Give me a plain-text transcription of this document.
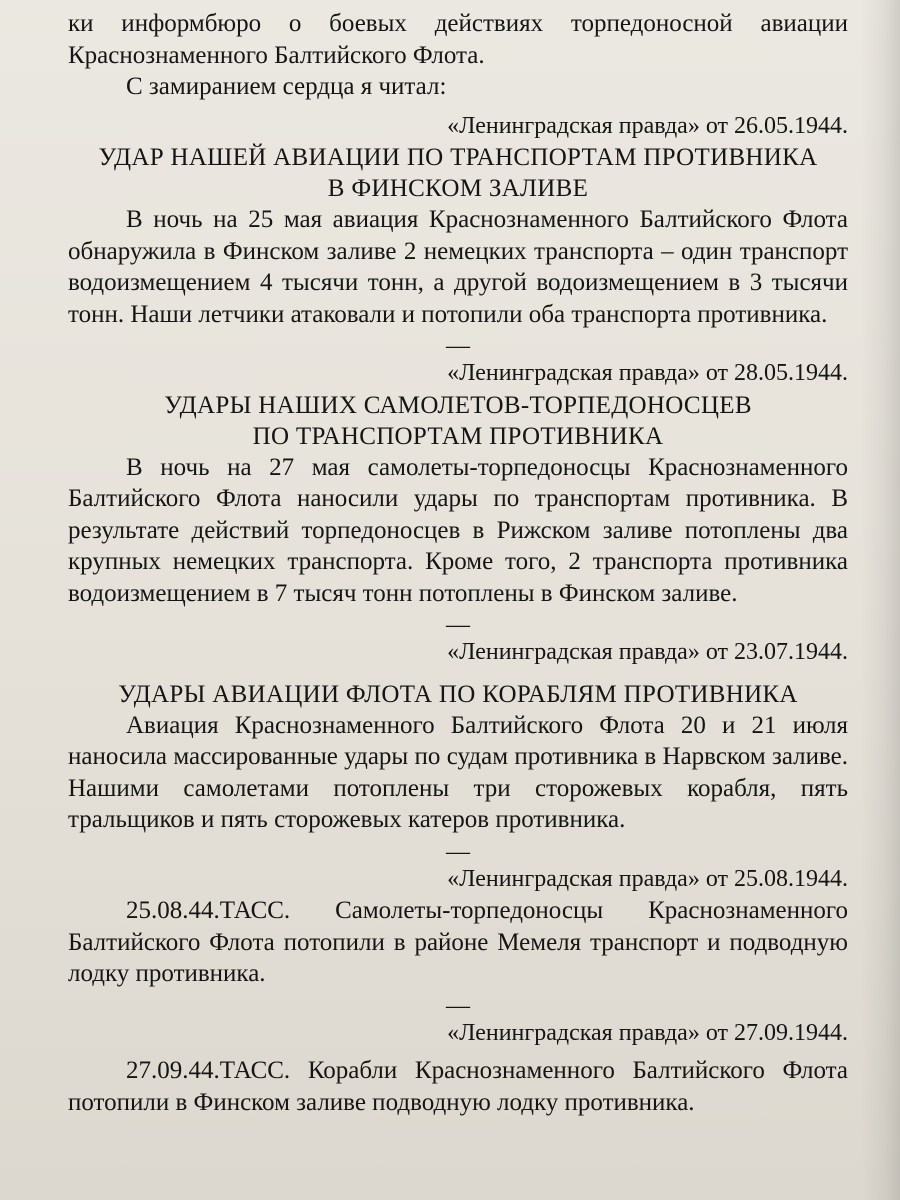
ки информбюро о боевых действиях торпедоносной авиации Краснознаменного Балтийского Флота.

С замиранием сердца я читал:

«Ленинградская правда» от 26.05.1944.

УДАР НАШЕЙ АВИАЦИИ ПО ТРАНСПОРТАМ ПРОТИВНИКА

В ФИНСКОМ ЗАЛИВЕ

В ночь на 25 мая авиация Краснознаменного Балтийского Флота обнаружила в Финском заливе 2 немецких транспорта – один транспорт водоизмещением 4 тысячи тонн, а другой водоизмещением в 3 тысячи тонн. Наши летчики атаковали и потопили оба транспорта противника.

—

«Ленинградская правда» от 28.05.1944.

УДАРЫ НАШИХ САМОЛЕТОВ-ТОРПЕДОНОСЦЕВ

ПО ТРАНСПОРТАМ ПРОТИВНИКА

В ночь на 27 мая самолеты-торпедоносцы Краснознаменного Балтийского Флота наносили удары по транспортам противника. В результате действий торпедоносцев в Рижском заливе потоплены два крупных немецких транспорта. Кроме того, 2 транспорта противника водоизмещением в 7 тысяч тонн потоплены в Финском заливе.

—

«Ленинградская правда» от 23.07.1944.

УДАРЫ АВИАЦИИ ФЛОТА ПО КОРАБЛЯМ ПРОТИВНИКА

Авиация Краснознаменного Балтийского Флота 20 и 21 июля наносила массированные удары по судам противника в Нарвском заливе. Нашими самолетами потоплены три сторожевых корабля, пять тральщиков и пять сторожевых катеров противника.

—

«Ленинградская правда» от 25.08.1944.

25.08.44.ТАСС. Самолеты-торпедоносцы Краснознаменного Балтийского Флота потопили в районе Мемеля транспорт и подводную лодку противника.

—

«Ленинградская правда» от 27.09.1944.

27.09.44.ТАСС. Корабли Краснознаменного Балтийского Флота потопили в Финском заливе подводную лодку противника.
